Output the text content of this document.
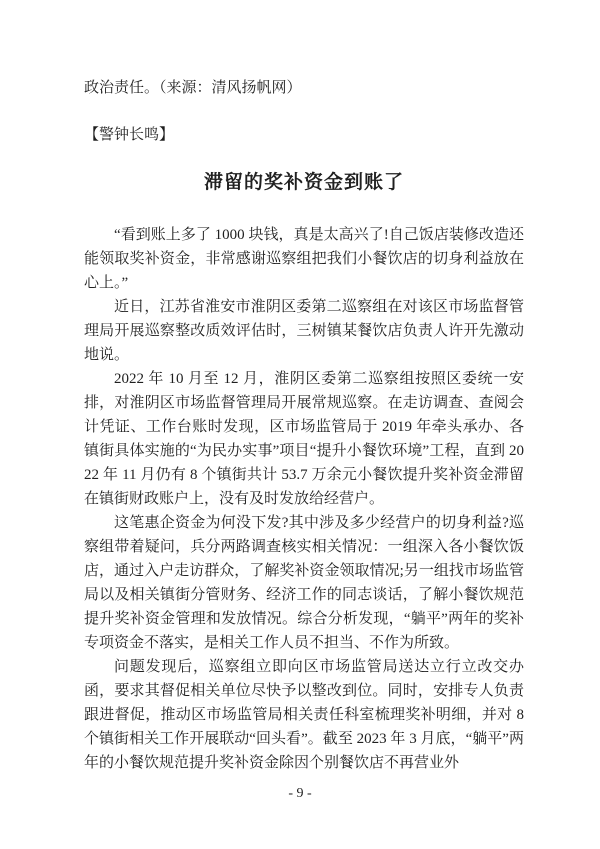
政治责任。（来源：清风扬帆网）

【警钟长鸣】

滞留的奖补资金到账了

“看到账上多了 1000 块钱，真是太高兴了!自己饭店装修改造还能领取奖补资金，非常感谢巡察组把我们小餐饮店的切身利益放在心上。”

近日，江苏省淮安市淮阴区委第二巡察组在对该区市场监督管理局开展巡察整改质效评估时，三树镇某餐饮店负责人许开先激动地说。

2022 年 10 月至 12 月，淮阴区委第二巡察组按照区委统一安排，对淮阴区市场监督管理局开展常规巡察。在走访调查、查阅会计凭证、工作台账时发现，区市场监管局于 2019 年牵头承办、各镇街具体实施的“为民办实事”项目“提升小餐饮环境”工程，直到 2022 年 11 月仍有 8 个镇街共计 53.7 万余元小餐饮提升奖补资金滞留在镇街财政账户上，没有及时发放给经营户。

这笔惠企资金为何没下发?其中涉及多少经营户的切身利益?巡察组带着疑问，兵分两路调查核实相关情况：一组深入各小餐饮饭店，通过入户走访群众，了解奖补资金领取情况;另一组找市场监管局以及相关镇街分管财务、经济工作的同志谈话，了解小餐饮规范提升奖补资金管理和发放情况。综合分析发现，“躺平”两年的奖补专项资金不落实，是相关工作人员不担当、不作为所致。

问题发现后，巡察组立即向区市场监管局送达立行立改交办函，要求其督促相关单位尽快予以整改到位。同时，安排专人负责跟进督促，推动区市场监管局相关责任科室梳理奖补明细，并对 8 个镇街相关工作开展联动“回头看”。截至 2023 年 3 月底，“躺平”两年的小餐饮规范提升奖补资金除因个别餐饮店不再营业外

- 9 -
